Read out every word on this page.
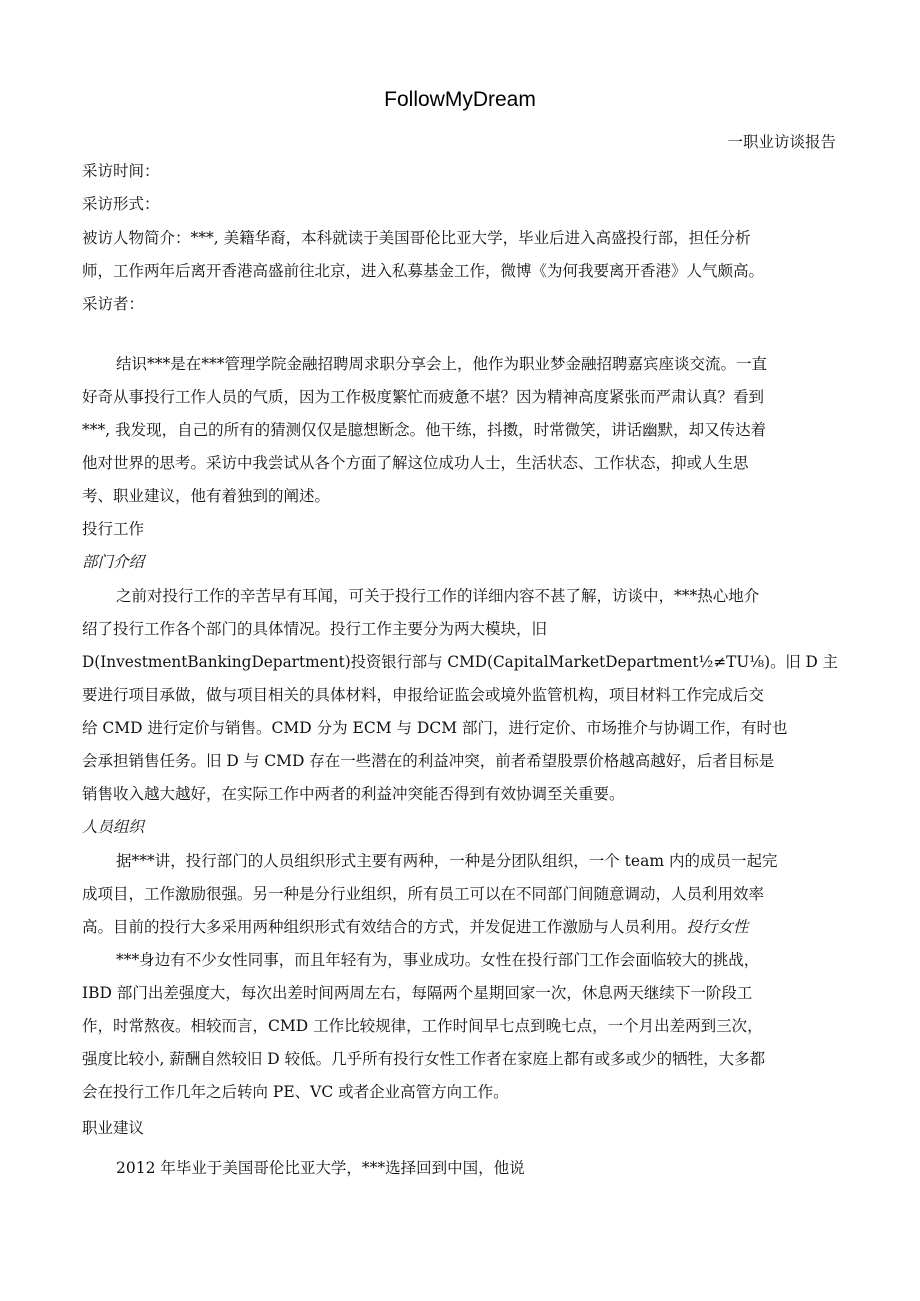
FollowMyDream
一职业访谈报告
采访时间：
采访形式：
被访人物简介：***, 美籍华裔，本科就读于美国哥伦比亚大学，毕业后进入高盛投行部，担任分析
师，工作两年后离开香港高盛前往北京，进入私募基金工作，微博《为何我要离开香港》人气颇高。
采访者：
结识***是在***管理学院金融招聘周求职分享会上，他作为职业梦金融招聘嘉宾座谈交流。一直
好奇从事投行工作人员的气质，因为工作极度繁忙而疲惫不堪？因为精神高度紧张而严肃认真？看到
***, 我发现，自己的所有的猜测仅仅是臆想断念。他干练，抖擞，时常微笑，讲话幽默，却又传达着
他对世界的思考。采访中我尝试从各个方面了解这位成功人士，生活状态、工作状态，抑或人生思
考、职业建议，他有着独到的阐述。
投行工作
部门介绍
之前对投行工作的辛苦早有耳闻，可关于投行工作的详细内容不甚了解，访谈中，***热心地介
绍了投行工作各个部门的具体情况。投行工作主要分为两大模块，旧
D(InvestmentBankingDepartment)投资银行部与 CMD(CapitalMarketDepartment½≠TU⅛)。旧 D 主
要进行项目承做，做与项目相关的具体材料，申报给证监会或境外监管机构，项目材料工作完成后交
给 CMD 进行定价与销售。CMD 分为 ECM 与 DCM 部门，进行定价、市场推介与协调工作，有时也
会承担销售任务。旧 D 与 CMD 存在一些潜在的利益冲突，前者希望股票价格越高越好，后者目标是
销售收入越大越好，在实际工作中两者的利益冲突能否得到有效协调至关重要。
人员组织
据***讲，投行部门的人员组织形式主要有两种，一种是分团队组织，一个 team 内的成员一起完
成项目，工作激励很强。另一种是分行业组织，所有员工可以在不同部门间随意调动，人员利用效率
高。目前的投行大多采用两种组织形式有效结合的方式，并发促进工作激励与人员利用。投行女性
***身边有不少女性同事，而且年轻有为，事业成功。女性在投行部门工作会面临较大的挑战，
IBD 部门出差强度大，每次出差时间两周左右，每隔两个星期回家一次，休息两天继续下一阶段工
作，时常熬夜。相较而言，CMD 工作比较规律，工作时间早七点到晚七点，一个月出差两到三次，
强度比较小, 薪酬自然较旧 D 较低。几乎所有投行女性工作者在家庭上都有或多或少的牺牲，大多都
会在投行工作几年之后转向 PE、VC 或者企业高管方向工作。
职业建议
2012 年毕业于美国哥伦比亚大学，***选择回到中国，他说
